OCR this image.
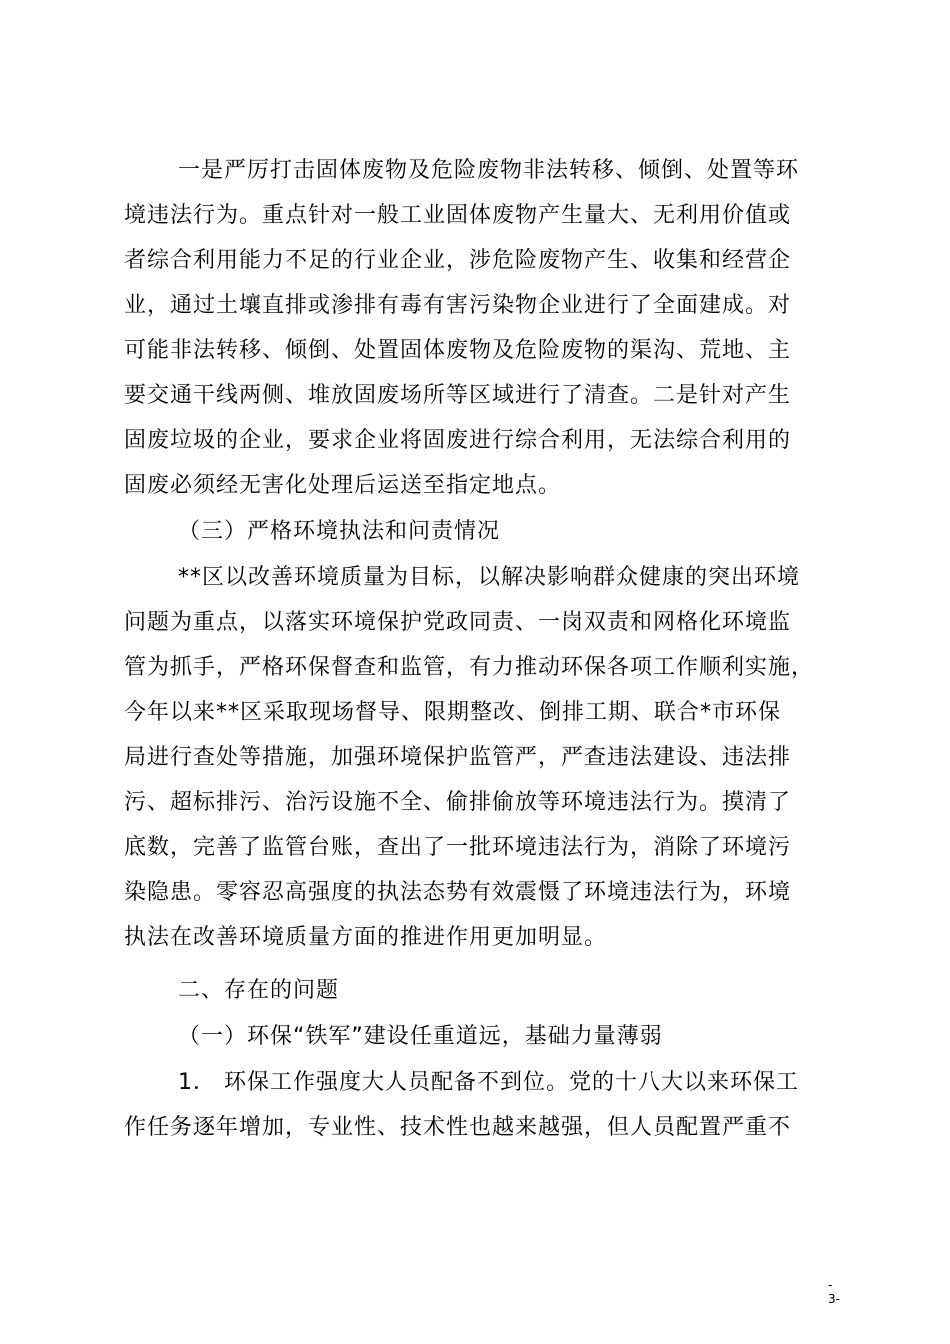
一是严厉打击固体废物及危险废物非法转移、倾倒、处置等环
境违法行为。重点针对一般工业固体废物产生量大、无利用价值或
者综合利用能力不足的行业企业，涉危险废物产生、收集和经营企
业，通过土壤直排或渗排有毒有害污染物企业进行了全面建成。对
可能非法转移、倾倒、处置固体废物及危险废物的渠沟、荒地、主
要交通干线两侧、堆放固废场所等区域进行了清查。二是针对产生
固废垃圾的企业，要求企业将固废进行综合利用，无法综合利用的
固废必须经无害化处理后运送至指定地点。
（三）严格环境执法和问责情况
**区以改善环境质量为目标，以解决影响群众健康的突出环境
问题为重点，以落实环境保护党政同责、一岗双责和网格化环境监
管为抓手，严格环保督查和监管，有力推动环保各项工作顺利实施，
今年以来**区采取现场督导、限期整改、倒排工期、联合*市环保
局进行查处等措施，加强环境保护监管严，严查违法建设、违法排
污、超标排污、治污设施不全、偷排偷放等环境违法行为。摸清了
底数，完善了监管台账，查出了一批环境违法行为，消除了环境污
染隐患。零容忍高强度的执法态势有效震慑了环境违法行为，环境
执法在改善环境质量方面的推进作用更加明显。
二、存在的问题
（一）环保“铁军”建设任重道远，基础力量薄弱
1． 环保工作强度大人员配备不到位。党的十八大以来环保工
作任务逐年增加，专业性、技术性也越来越强，但人员配置严重不
-
3-
